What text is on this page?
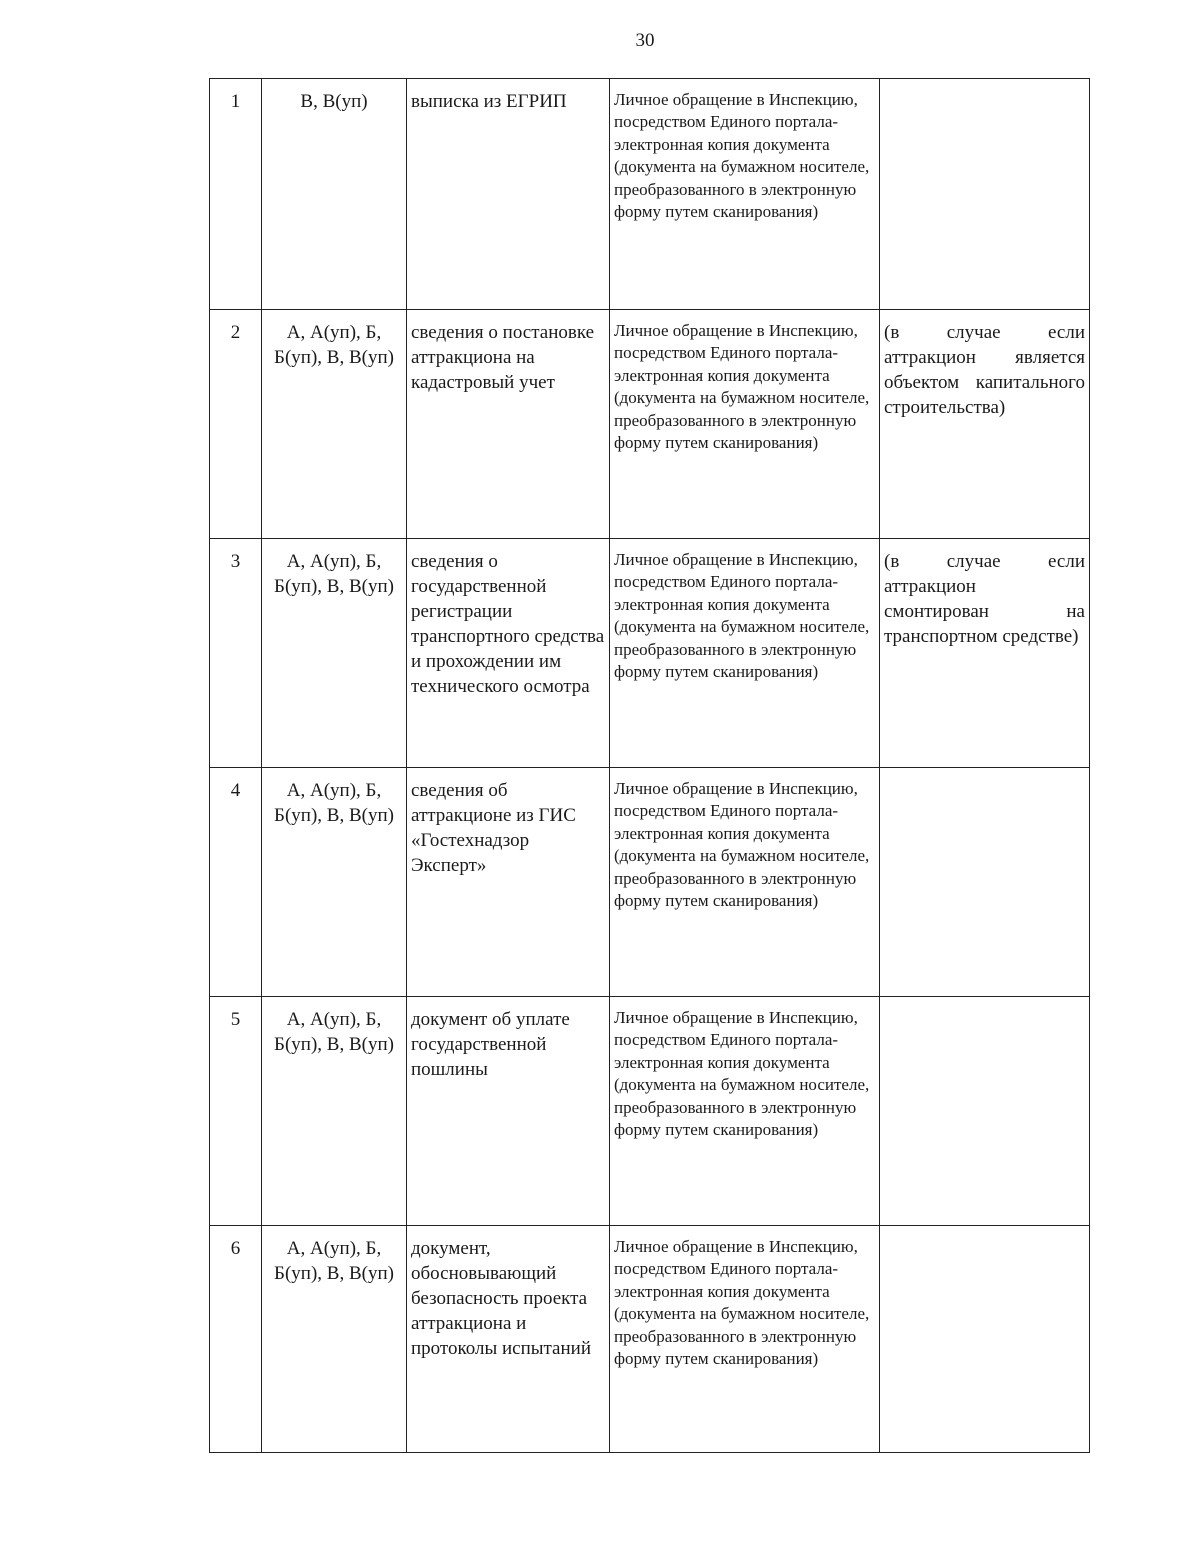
30
1	В, В(уп)	выписка из ЕГРИП	Личное обращение в Инспекцию, посредством Единого портала-электронная копия документа (документа на бумажном носителе, преобразованного в электронную форму путем сканирования)	
2	А, А(уп), Б, Б(уп), В, В(уп)	сведения о постановке аттракциона на кадастровый учет	Личное обращение в Инспекцию, посредством Единого портала-электронная копия документа (документа на бумажном носителе, преобразованного в электронную форму путем сканирования)	(в случае если аттракцион является объектом капитального строительства)
3	А, А(уп), Б, Б(уп), В, В(уп)	сведения о государственной регистрации транспортного средства и прохождении им технического осмотра	Личное обращение в Инспекцию, посредством Единого портала-электронная копия документа (документа на бумажном носителе, преобразованного в электронную форму путем сканирования)	(в случае если аттракцион смонтирован на транспортном средстве)
4	А, А(уп), Б, Б(уп), В, В(уп)	сведения об аттракционе из ГИС «Гостехнадзор Эксперт»	Личное обращение в Инспекцию, посредством Единого портала-электронная копия документа (документа на бумажном носителе, преобразованного в электронную форму путем сканирования)	
5	А, А(уп), Б, Б(уп), В, В(уп)	документ об уплате государственной пошлины	Личное обращение в Инспекцию, посредством Единого портала-электронная копия документа (документа на бумажном носителе, преобразованного в электронную форму путем сканирования)	
6	А, А(уп), Б, Б(уп), В, В(уп)	документ, обосновывающий безопасность проекта аттракциона и протоколы испытаний	Личное обращение в Инспекцию, посредством Единого портала-электронная копия документа (документа на бумажном носителе, преобразованного в электронную форму путем сканирования)	
